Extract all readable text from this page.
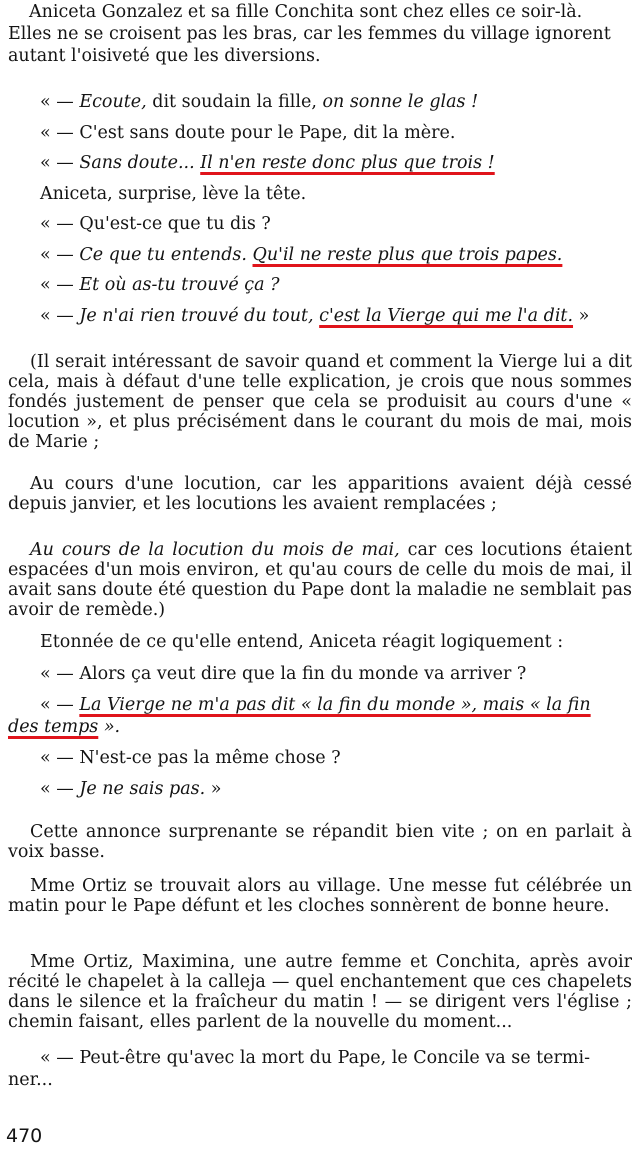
Aniceta Gonzalez et sa fille Conchita sont chez elles ce soir-là.
Elles ne se croisent pas les bras, car les femmes du village ignorent
autant l'oisiveté que les diversions.
« — Ecoute, dit soudain la fille, on sonne le glas !
« — C'est sans doute pour le Pape, dit la mère.
« — Sans doute... Il n'en reste donc plus que trois !
Aniceta, surprise, lève la tête.
« — Qu'est-ce que tu dis ?
« — Ce que tu entends. Qu'il ne reste plus que trois papes.
« — Et où as-tu trouvé ça ?
« — Je n'ai rien trouvé du tout, c'est la Vierge qui me l'a dit. »
(Il serait intéressant de savoir quand et comment la Vierge lui a dit cela, mais à défaut d'une telle explication, je crois que nous sommes fondés justement de penser que cela se produisit au cours d'une « locution », et plus précisément dans le courant du mois de mai, mois de Marie ;
Au cours d'une locution, car les apparitions avaient déjà cessé depuis janvier, et les locutions les avaient remplacées ;
Au cours de la locution du mois de mai, car ces locutions étaient espacées d'un mois environ, et qu'au cours de celle du mois de mai, il avait sans doute été question du Pape dont la maladie ne semblait pas avoir de remède.)
Etonnée de ce qu'elle entend, Aniceta réagit logiquement :
« — Alors ça veut dire que la fin du monde va arriver ?
« — La Vierge ne m'a pas dit « la fin du monde », mais « la fin
des temps ».
« — N'est-ce pas la même chose ?
« — Je ne sais pas. »
Cette annonce surprenante se répandit bien vite ; on en parlait à voix basse.
Mme Ortiz se trouvait alors au village. Une messe fut célébrée un matin pour le Pape défunt et les cloches sonnèrent de bonne heure.
Mme Ortiz, Maximina, une autre femme et Conchita, après avoir récité le chapelet à la calleja — quel enchantement que ces chapelets dans le silence et la fraîcheur du matin ! — se dirigent vers l'église ; chemin faisant, elles parlent de la nouvelle du moment...
« — Peut-être qu'avec la mort du Pape, le Concile va se termi-
ner...
470
